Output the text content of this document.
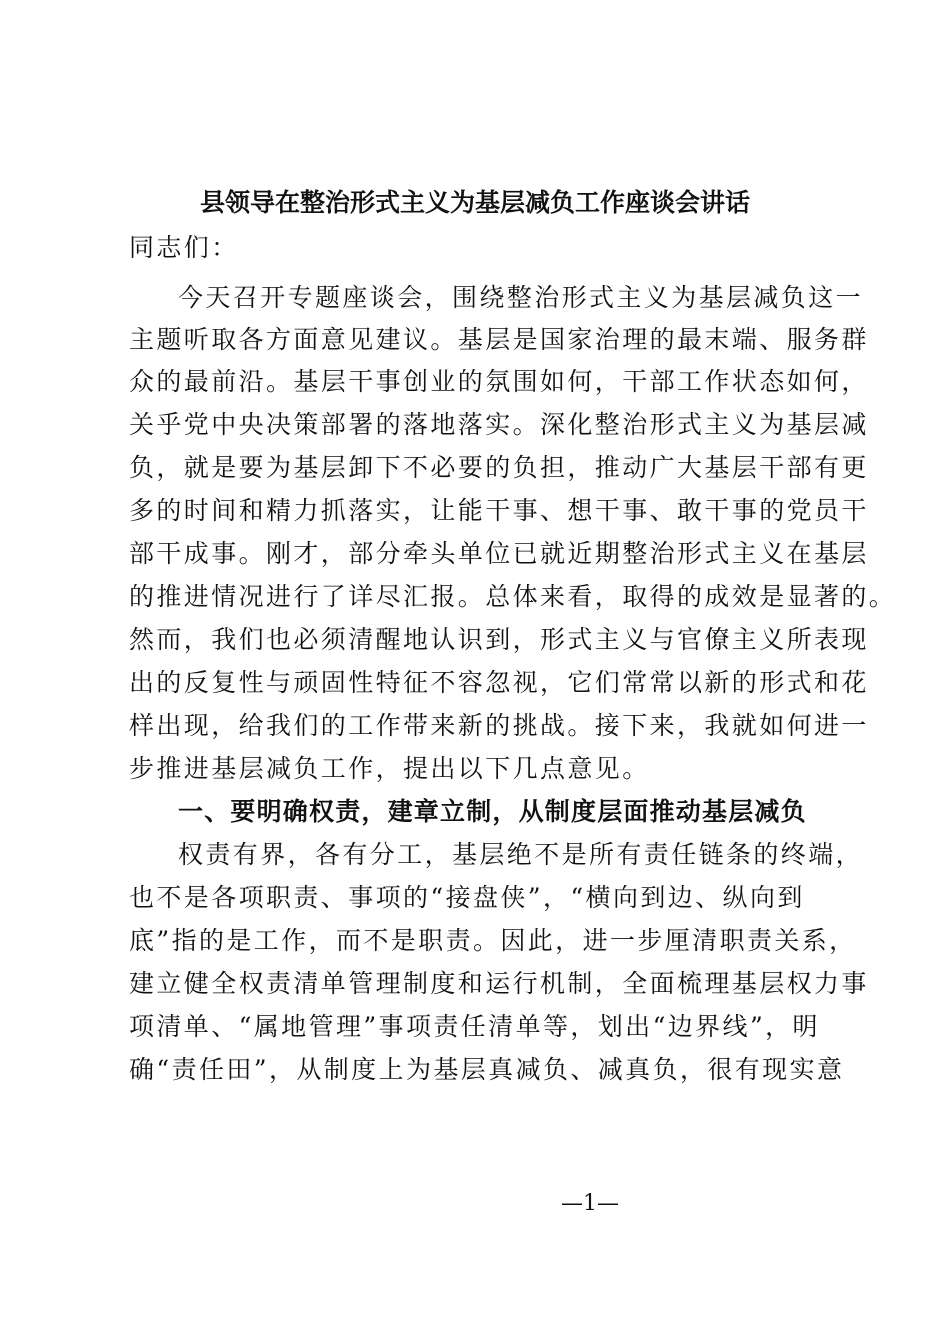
县领导在整治形式主义为基层减负工作座谈会讲话
同志们：
今天召开专题座谈会，围绕整治形式主义为基层减负这一
主题听取各方面意见建议。基层是国家治理的最末端、服务群
众的最前沿。基层干事创业的氛围如何，干部工作状态如何，
关乎党中央决策部署的落地落实。深化整治形式主义为基层减
负，就是要为基层卸下不必要的负担，推动广大基层干部有更
多的时间和精力抓落实，让能干事、想干事、敢干事的党员干
部干成事。刚才，部分牵头单位已就近期整治形式主义在基层
的推进情况进行了详尽汇报。总体来看，取得的成效是显著的。
然而，我们也必须清醒地认识到，形式主义与官僚主义所表现
出的反复性与顽固性特征不容忽视，它们常常以新的形式和花
样出现，给我们的工作带来新的挑战。接下来，我就如何进一
步推进基层减负工作，提出以下几点意见。
一、要明确权责，建章立制，从制度层面推动基层减负
权责有界，各有分工，基层绝不是所有责任链条的终端，
也不是各项职责、事项的“接盘侠”，“横向到边、纵向到
底”指的是工作，而不是职责。因此，进一步厘清职责关系，
建立健全权责清单管理制度和运行机制，全面梳理基层权力事
项清单、“属地管理”事项责任清单等，划出“边界线”，明
确“责任田”，从制度上为基层真减负、减真负，很有现实意
—1—
